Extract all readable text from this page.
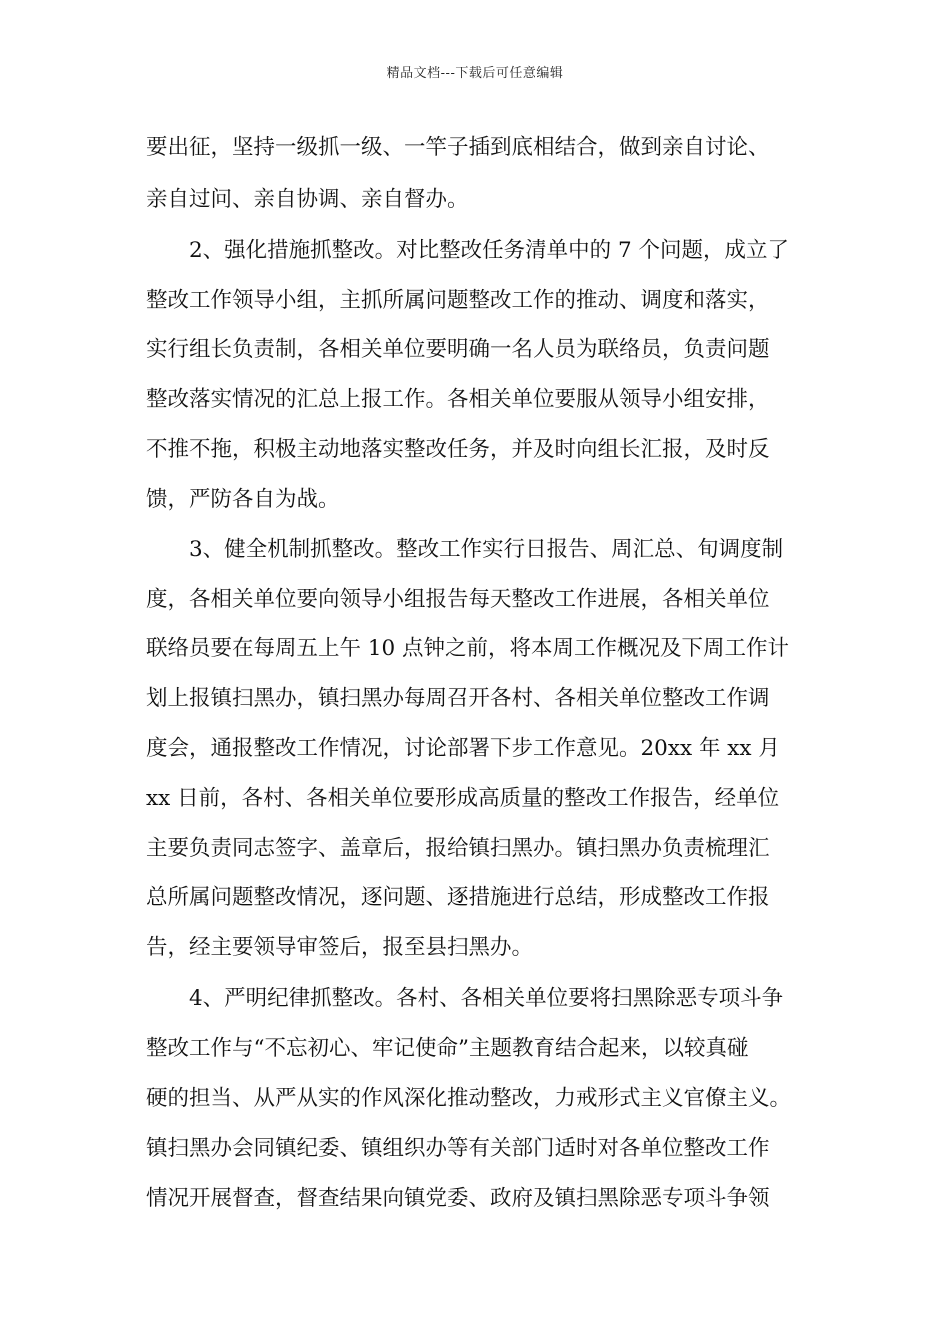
精品文档---下载后可任意编辑
要出征，坚持一级抓一级、一竿子插到底相结合，做到亲自讨论、
亲自过问、亲自协调、亲自督办。
　　2、强化措施抓整改。对比整改任务清单中的 7 个问题，成立了
整改工作领导小组，主抓所属问题整改工作的推动、调度和落实，
实行组长负责制，各相关单位要明确一名人员为联络员，负责问题
整改落实情况的汇总上报工作。各相关单位要服从领导小组安排，
不推不拖，积极主动地落实整改任务，并及时向组长汇报，及时反
馈，严防各自为战。
　　3、健全机制抓整改。整改工作实行日报告、周汇总、旬调度制
度，各相关单位要向领导小组报告每天整改工作进展，各相关单位
联络员要在每周五上午 10 点钟之前，将本周工作概况及下周工作计
划上报镇扫黑办，镇扫黑办每周召开各村、各相关单位整改工作调
度会，通报整改工作情况，讨论部署下步工作意见。20xx 年 xx 月
xx 日前，各村、各相关单位要形成高质量的整改工作报告，经单位
主要负责同志签字、盖章后，报给镇扫黑办。镇扫黑办负责梳理汇
总所属问题整改情况，逐问题、逐措施进行总结，形成整改工作报
告，经主要领导审签后，报至县扫黑办。
　　4、严明纪律抓整改。各村、各相关单位要将扫黑除恶专项斗争
整改工作与“不忘初心、牢记使命”主题教育结合起来，以较真碰
硬的担当、从严从实的作风深化推动整改，力戒形式主义官僚主义。
镇扫黑办会同镇纪委、镇组织办等有关部门适时对各单位整改工作
情况开展督查，督查结果向镇党委、政府及镇扫黑除恶专项斗争领
